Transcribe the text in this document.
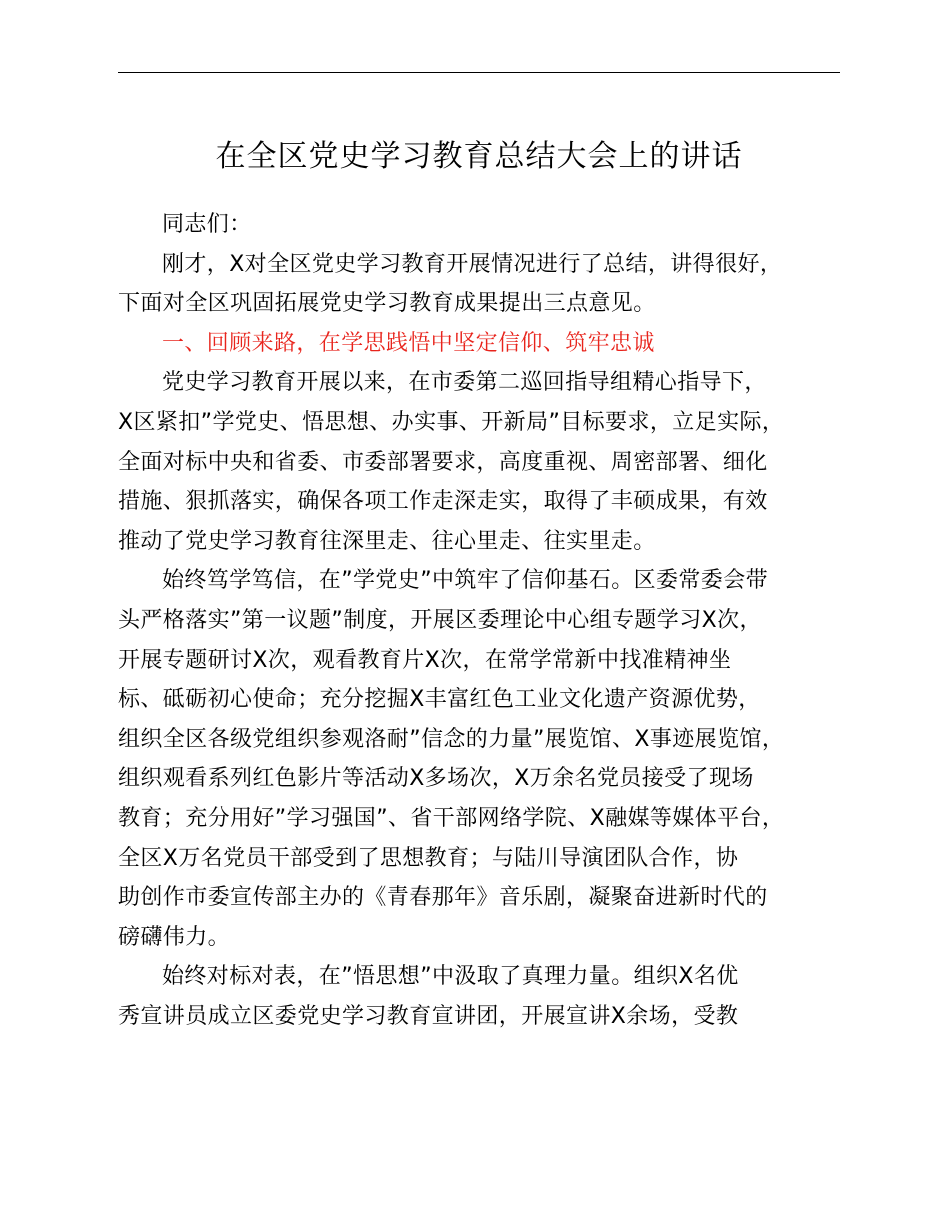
在全区党史学习教育总结大会上的讲话

同志们：

刚才，X对全区党史学习教育开展情况进行了总结，讲得很好，
下面对全区巩固拓展党史学习教育成果提出三点意见。

一、回顾来路，在学思践悟中坚定信仰、筑牢忠诚

党史学习教育开展以来，在市委第二巡回指导组精心指导下，
X区紧扣”学党史、悟思想、办实事、开新局”目标要求，立足实际，
全面对标中央和省委、市委部署要求，高度重视、周密部署、细化
措施、狠抓落实，确保各项工作走深走实，取得了丰硕成果，有效
推动了党史学习教育往深里走、往心里走、往实里走。

始终笃学笃信，在”学党史”中筑牢了信仰基石。区委常委会带
头严格落实”第一议题”制度，开展区委理论中心组专题学习X次，
开展专题研讨X次，观看教育片X次，在常学常新中找准精神坐
标、砥砺初心使命；充分挖掘X丰富红色工业文化遗产资源优势，
组织全区各级党组织参观洛耐”信念的力量”展览馆、X事迹展览馆，
组织观看系列红色影片等活动X多场次，X万余名党员接受了现场
教育；充分用好”学习强国”、省干部网络学院、X融媒等媒体平台，
全区X万名党员干部受到了思想教育；与陆川导演团队合作，协
助创作市委宣传部主办的《青春那年》音乐剧，凝聚奋进新时代的
磅礴伟力。

始终对标对表，在”悟思想”中汲取了真理力量。组织X名优
秀宣讲员成立区委党史学习教育宣讲团，开展宣讲X余场，受教
